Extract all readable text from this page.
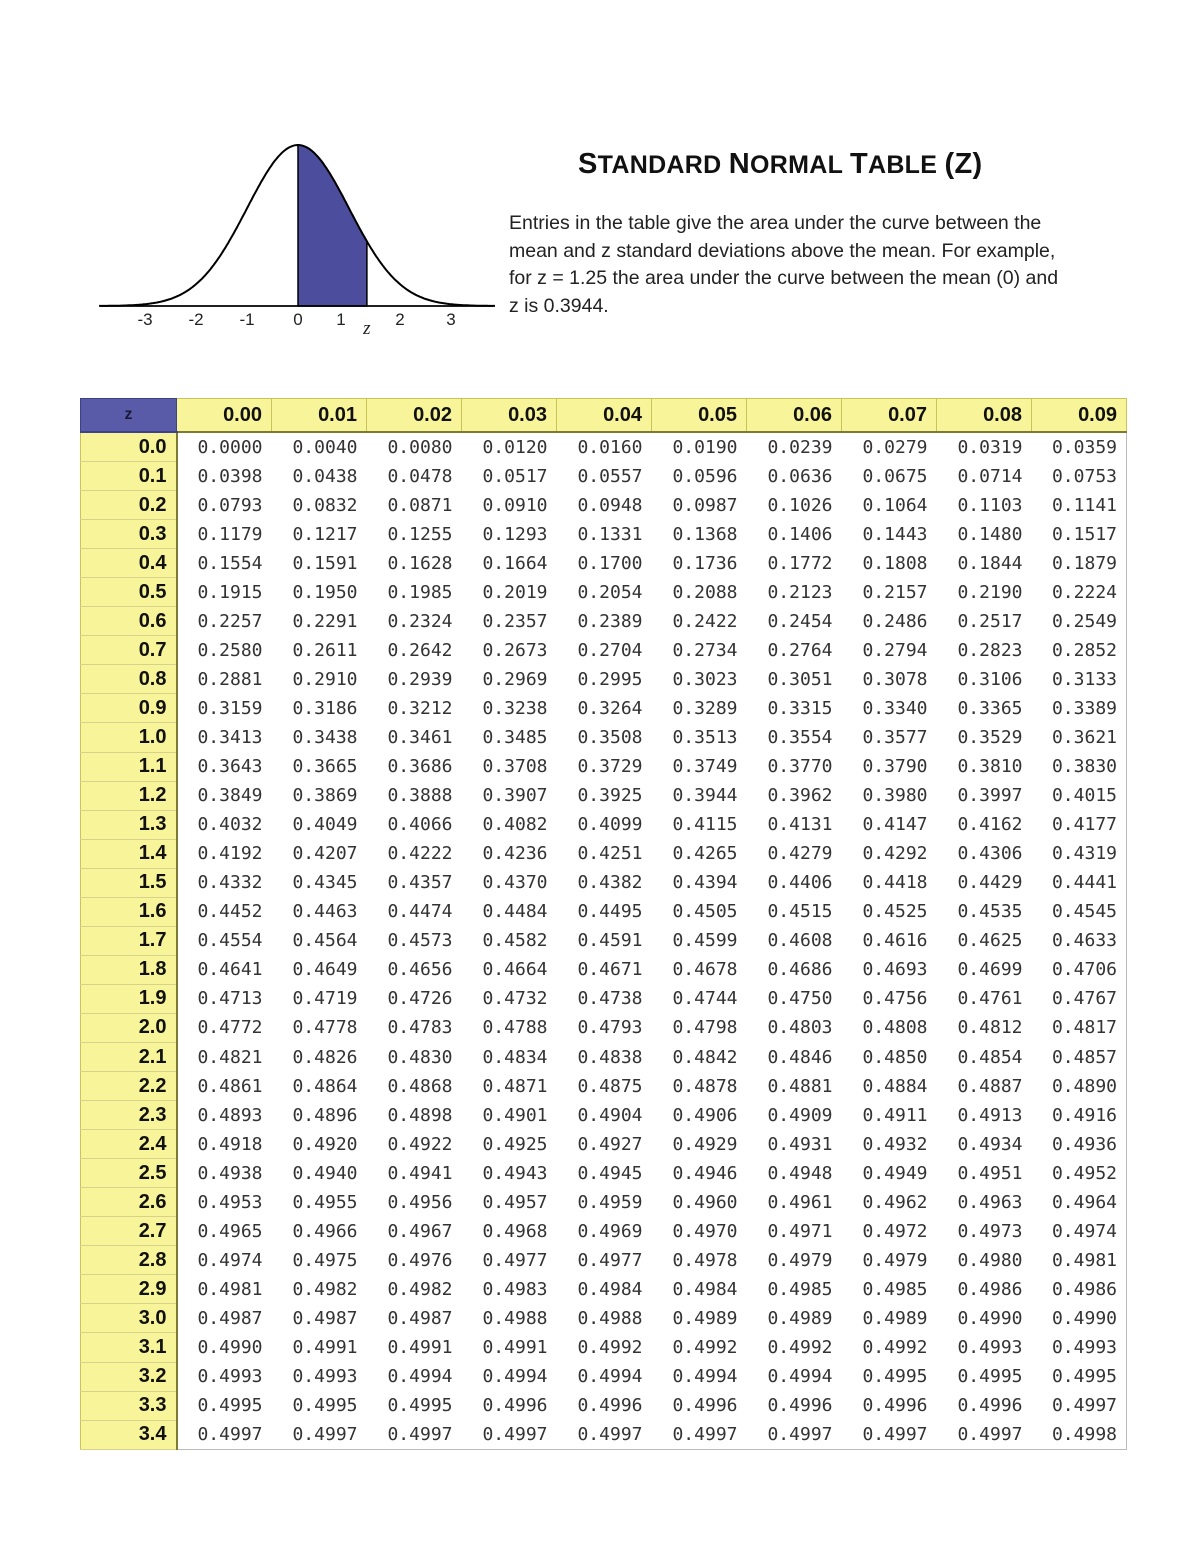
-3 -2 -1 0 1	2 3
z
STANDARD NORMAL TABLE (Z)
Entries in the table give the area under the curve between the mean and z standard deviations above the mean. For example, for z = 1.25 the area under the curve between the mean (0) and z is 0.3944.
z	0.00	0.01	0.02	0.03	0.04	0.05	0.06	0.07	0.08	0.09
0.0	0.0000	0.0040	0.0080	0.0120	0.0160	0.0190	0.0239	0.0279	0.0319	0.0359
0.1	0.0398	0.0438	0.0478	0.0517	0.0557	0.0596	0.0636	0.0675	0.0714	0.0753
0.2	0.0793	0.0832	0.0871	0.0910	0.0948	0.0987	0.1026	0.1064	0.1103	0.1141
0.3	0.1179	0.1217	0.1255	0.1293	0.1331	0.1368	0.1406	0.1443	0.1480	0.1517
0.4	0.1554	0.1591	0.1628	0.1664	0.1700	0.1736	0.1772	0.1808	0.1844	0.1879
0.5	0.1915	0.1950	0.1985	0.2019	0.2054	0.2088	0.2123	0.2157	0.2190	0.2224
0.6	0.2257	0.2291	0.2324	0.2357	0.2389	0.2422	0.2454	0.2486	0.2517	0.2549
0.7	0.2580	0.2611	0.2642	0.2673	0.2704	0.2734	0.2764	0.2794	0.2823	0.2852
0.8	0.2881	0.2910	0.2939	0.2969	0.2995	0.3023	0.3051	0.3078	0.3106	0.3133
0.9	0.3159	0.3186	0.3212	0.3238	0.3264	0.3289	0.3315	0.3340	0.3365	0.3389
1.0	0.3413	0.3438	0.3461	0.3485	0.3508	0.3513	0.3554	0.3577	0.3529	0.3621
1.1	0.3643	0.3665	0.3686	0.3708	0.3729	0.3749	0.3770	0.3790	0.3810	0.3830
1.2	0.3849	0.3869	0.3888	0.3907	0.3925	0.3944	0.3962	0.3980	0.3997	0.4015
1.3	0.4032	0.4049	0.4066	0.4082	0.4099	0.4115	0.4131	0.4147	0.4162	0.4177
1.4	0.4192	0.4207	0.4222	0.4236	0.4251	0.4265	0.4279	0.4292	0.4306	0.4319
1.5	0.4332	0.4345	0.4357	0.4370	0.4382	0.4394	0.4406	0.4418	0.4429	0.4441
1.6	0.4452	0.4463	0.4474	0.4484	0.4495	0.4505	0.4515	0.4525	0.4535	0.4545
1.7	0.4554	0.4564	0.4573	0.4582	0.4591	0.4599	0.4608	0.4616	0.4625	0.4633
1.8	0.4641	0.4649	0.4656	0.4664	0.4671	0.4678	0.4686	0.4693	0.4699	0.4706
1.9	0.4713	0.4719	0.4726	0.4732	0.4738	0.4744	0.4750	0.4756	0.4761	0.4767
2.0	0.4772	0.4778	0.4783	0.4788	0.4793	0.4798	0.4803	0.4808	0.4812	0.4817
2.1	0.4821	0.4826	0.4830	0.4834	0.4838	0.4842	0.4846	0.4850	0.4854	0.4857
2.2	0.4861	0.4864	0.4868	0.4871	0.4875	0.4878	0.4881	0.4884	0.4887	0.4890
2.3	0.4893	0.4896	0.4898	0.4901	0.4904	0.4906	0.4909	0.4911	0.4913	0.4916
2.4	0.4918	0.4920	0.4922	0.4925	0.4927	0.4929	0.4931	0.4932	0.4934	0.4936
2.5	0.4938	0.4940	0.4941	0.4943	0.4945	0.4946	0.4948	0.4949	0.4951	0.4952
2.6	0.4953	0.4955	0.4956	0.4957	0.4959	0.4960	0.4961	0.4962	0.4963	0.4964
2.7	0.4965	0.4966	0.4967	0.4968	0.4969	0.4970	0.4971	0.4972	0.4973	0.4974
2.8	0.4974	0.4975	0.4976	0.4977	0.4977	0.4978	0.4979	0.4979	0.4980	0.4981
2.9	0.4981	0.4982	0.4982	0.4983	0.4984	0.4984	0.4985	0.4985	0.4986	0.4986
3.0	0.4987	0.4987	0.4987	0.4988	0.4988	0.4989	0.4989	0.4989	0.4990	0.4990
3.1	0.4990	0.4991	0.4991	0.4991	0.4992	0.4992	0.4992	0.4992	0.4993	0.4993
3.2	0.4993	0.4993	0.4994	0.4994	0.4994	0.4994	0.4994	0.4995	0.4995	0.4995
3.3	0.4995	0.4995	0.4995	0.4996	0.4996	0.4996	0.4996	0.4996	0.4996	0.4997
3.4	0.4997	0.4997	0.4997	0.4997	0.4997	0.4997	0.4997	0.4997	0.4997	0.4998
